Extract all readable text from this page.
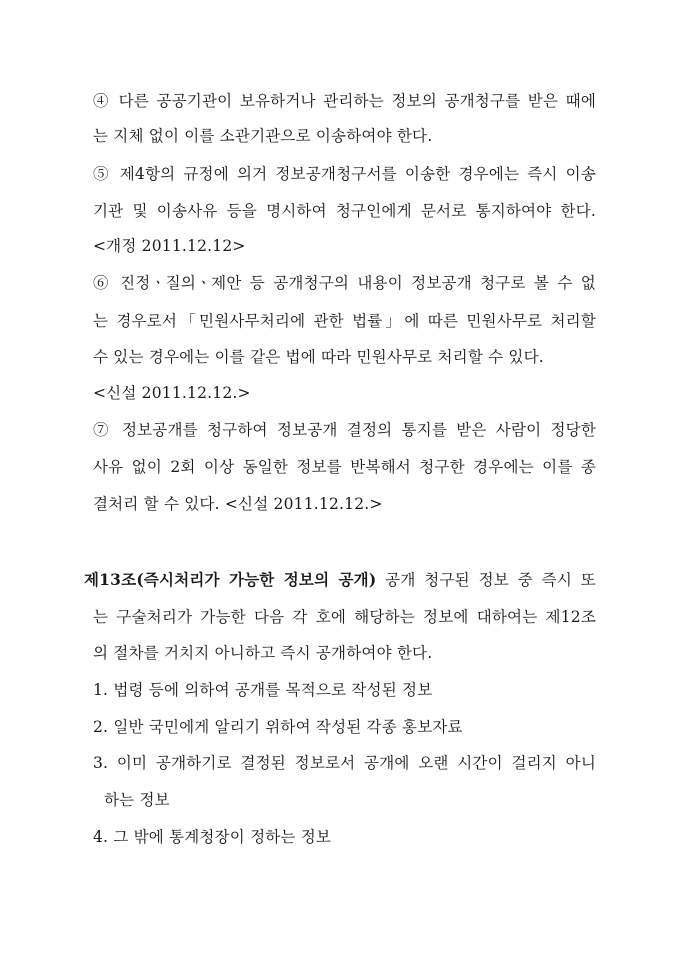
④ 다른 공공기관이 보유하거나 관리하는 정보의 공개청구를 받은 때에
는 지체 없이 이를 소관기관으로 이송하여야 한다.
⑤ 제4항의 규정에 의거 정보공개청구서를 이송한 경우에는 즉시 이송
기관 및 이송사유 등을 명시하여 청구인에게 문서로 통지하여야 한다.
<개정 2011.12.12>
⑥ 진정ㆍ질의ㆍ제안 등 공개청구의 내용이 정보공개 청구로 볼 수 없
는 경우로서「민원사무처리에 관한 법률」에 따른 민원사무로 처리할
수 있는 경우에는 이를 같은 법에 따라 민원사무로 처리할 수 있다.
<신설 2011.12.12.>
⑦ 정보공개를 청구하여 정보공개 결정의 통지를 받은 사람이 정당한
사유 없이 2회 이상 동일한 정보를 반복해서 청구한 경우에는 이를 종
결처리 할 수 있다. <신설 2011.12.12.>
제13조(즉시처리가 가능한 정보의 공개) 공개 청구된 정보 중 즉시 또
는 구술처리가 가능한 다음 각 호에 해당하는 정보에 대하여는 제12조
의 절차를 거치지 아니하고 즉시 공개하여야 한다.
1. 법령 등에 의하여 공개를 목적으로 작성된 정보
2. 일반 국민에게 알리기 위하여 작성된 각종 홍보자료
3. 이미 공개하기로 결정된 정보로서 공개에 오랜 시간이 걸리지 아니
하는 정보
4. 그 밖에 통계청장이 정하는 정보
